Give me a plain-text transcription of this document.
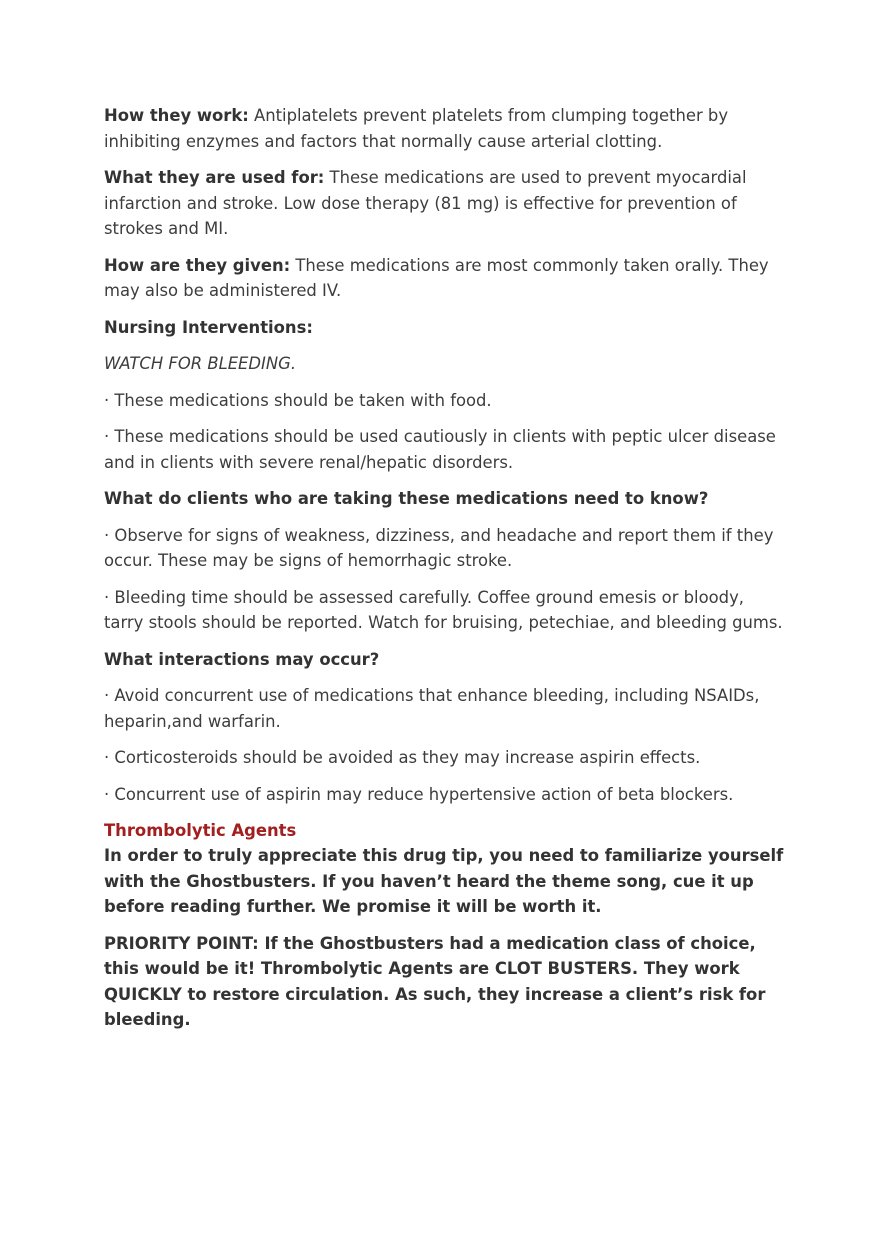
How they work: Antiplatelets prevent platelets from clumping together by inhibiting enzymes and factors that normally cause arterial clotting.

What they are used for: These medications are used to prevent myocardial infarction and stroke. Low dose therapy (81 mg) is effective for prevention of strokes and MI.

How are they given: These medications are most commonly taken orally. They may also be administered IV.

Nursing Interventions:

WATCH FOR BLEEDING.

· These medications should be taken with food.

· These medications should be used cautiously in clients with peptic ulcer disease and in clients with severe renal/hepatic disorders.

What do clients who are taking these medications need to know?

· Observe for signs of weakness, dizziness, and headache and report them if they occur. These may be signs of hemorrhagic stroke.

· Bleeding time should be assessed carefully. Coffee ground emesis or bloody, tarry stools should be reported. Watch for bruising, petechiae, and bleeding gums.

What interactions may occur?

· Avoid concurrent use of medications that enhance bleeding, including NSAIDs, heparin,and warfarin.

· Corticosteroids should be avoided as they may increase aspirin effects.

· Concurrent use of aspirin may reduce hypertensive action of beta blockers.

Thrombolytic Agents

In order to truly appreciate this drug tip, you need to familiarize yourself with the Ghostbusters. If you haven’t heard the theme song, cue it up before reading further. We promise it will be worth it.

PRIORITY POINT: If the Ghostbusters had a medication class of choice, this would be it! Thrombolytic Agents are CLOT BUSTERS. They work QUICKLY to restore circulation. As such, they increase a client’s risk for bleeding.
